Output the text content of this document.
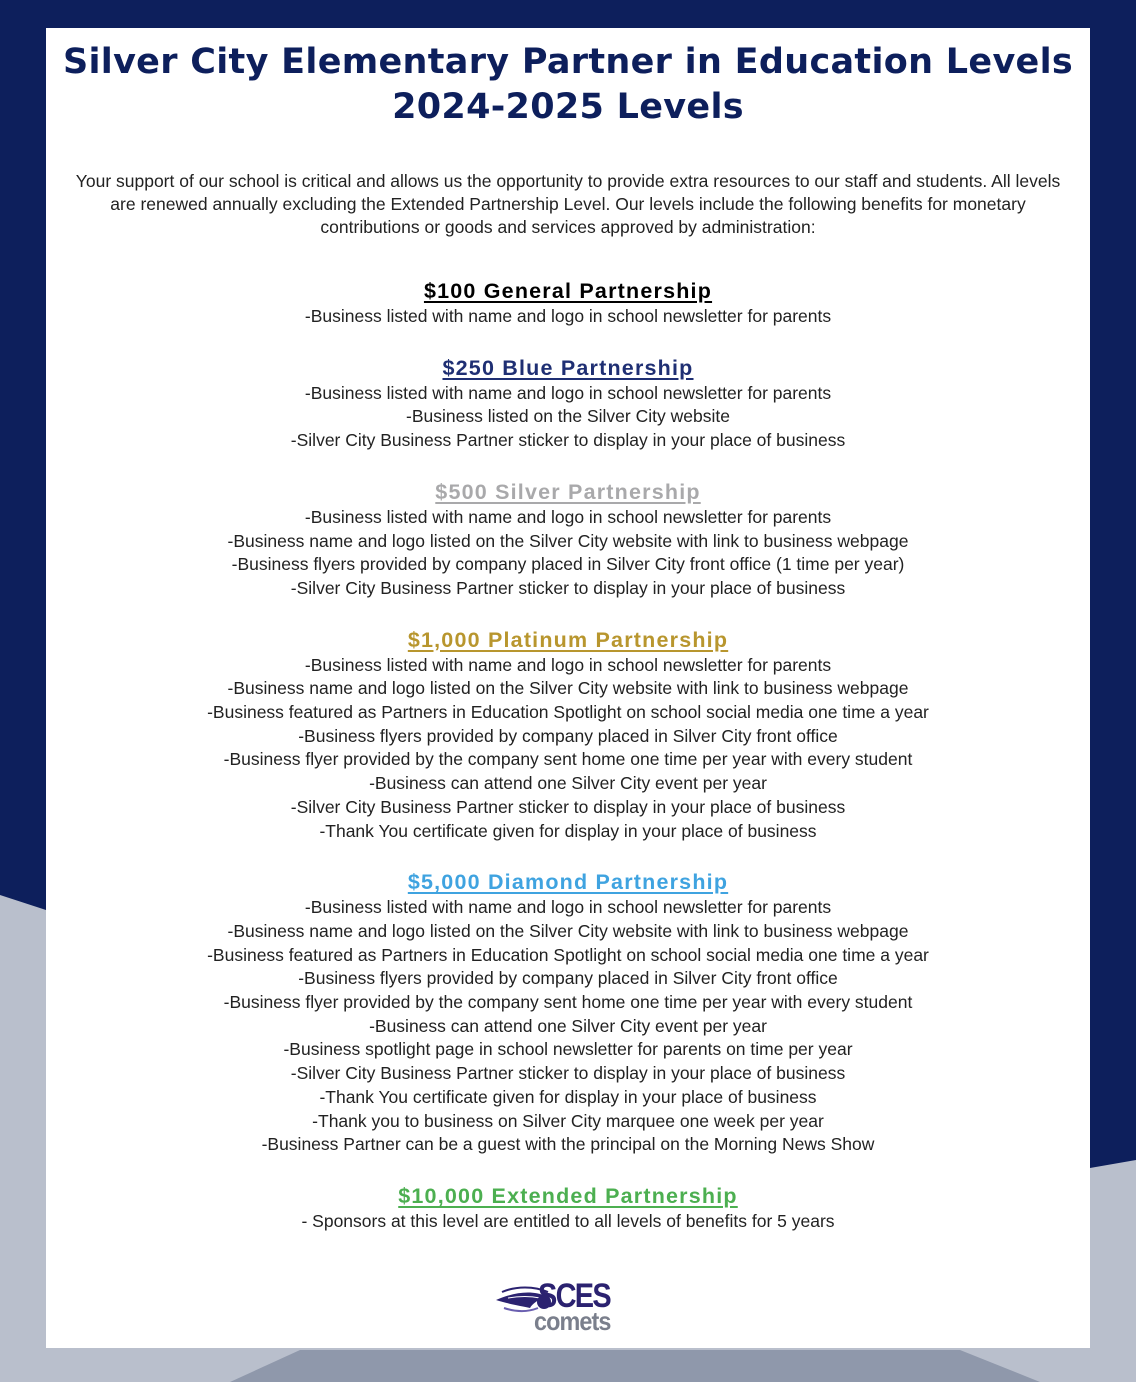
Silver City Elementary Partner in Education Levels
2024-2025 Levels

Your support of our school is critical and allows us the opportunity to provide extra resources to our staff and students. All levels are renewed annually excluding the Extended Partnership Level. Our levels include the following benefits for monetary contributions or goods and services approved by administration:

$100 General Partnership
-Business listed with name and logo in school newsletter for parents
$250 Blue Partnership
-Business listed with name and logo in school newsletter for parents
-Business listed on the Silver City website
-Silver City Business Partner sticker to display in your place of business
$500 Silver Partnership
-Business listed with name and logo in school newsletter for parents
-Business name and logo listed on the Silver City website with link to business webpage
-Business flyers provided by company placed in Silver City front office (1 time per year)
-Silver City Business Partner sticker to display in your place of business
$1,000 Platinum Partnership
-Business listed with name and logo in school newsletter for parents
-Business name and logo listed on the Silver City website with link to business webpage
-Business featured as Partners in Education Spotlight on school social media one time a year
-Business flyers provided by company placed in Silver City front office
-Business flyer provided by the company sent home one time per year with every student
-Business can attend one Silver City event per year
-Silver City Business Partner sticker to display in your place of business
-Thank You certificate given for display in your place of business
$5,000 Diamond Partnership
-Business listed with name and logo in school newsletter for parents
-Business name and logo listed on the Silver City website with link to business webpage
-Business featured as Partners in Education Spotlight on school social media one time a year
-Business flyers provided by company placed in Silver City front office
-Business flyer provided by the company sent home one time per year with every student
-Business can attend one Silver City event per year
-Business spotlight page in school newsletter for parents on time per year
-Silver City Business Partner sticker to display in your place of business
-Thank You certificate given for display in your place of business
-Thank you to business on Silver City marquee one week per year
-Business Partner can be a guest with the principal on the Morning News Show
$10,000 Extended Partnership
- Sponsors at this level are entitled to all levels of benefits for 5 years
SCES
comets
